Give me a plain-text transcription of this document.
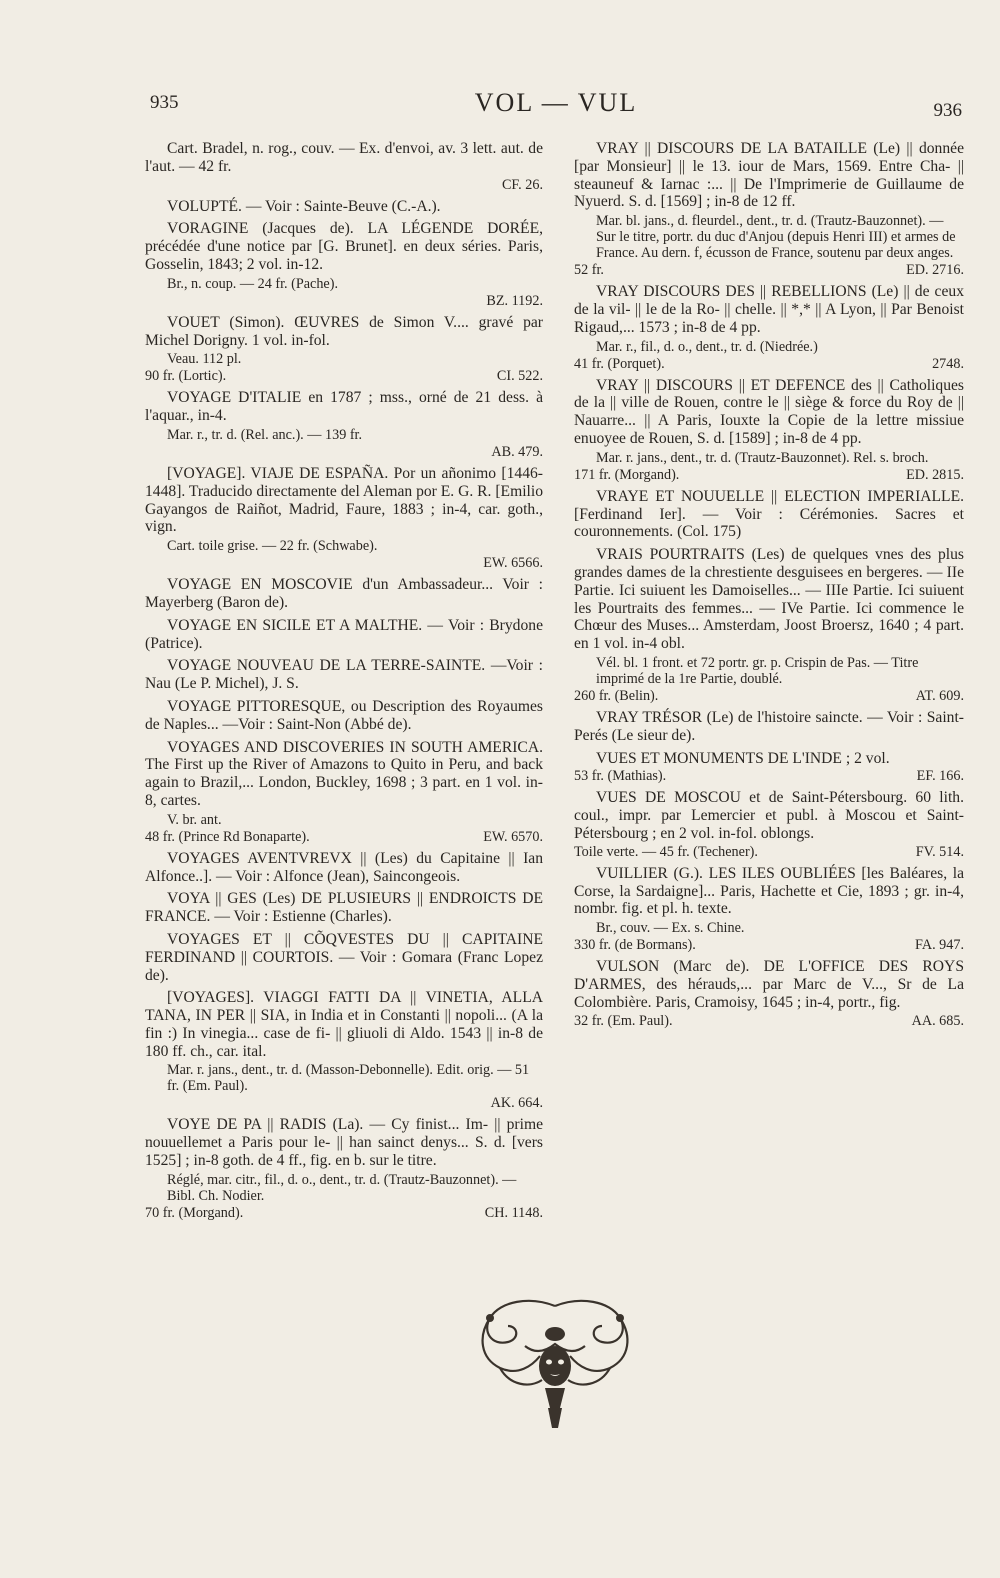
935	VOL — VUL	936
Cart. Bradel, n. rog., couv. — Ex. d'envoi, av. 3 lett. aut. de l'aut. — 42 fr.
CF. 26.
VOLUPTÉ. — Voir : Sainte-Beuve (C.-A.).
VORAGINE (Jacques de). LA LÉGENDE DORÉE, précédée d'une notice par [G. Brunet]. en deux séries. Paris, Gosselin, 1843; 2 vol. in-12.
Br., n. coup. — 24 fr. (Pache).
BZ. 1192.
VOUET (Simon). ŒUVRES de Simon V.... gravé par Michel Dorigny. 1 vol. in-fol.
Veau. 112 pl.
90 fr. (Lortic).	CI. 522.
VOYAGE D'ITALIE en 1787 ; mss., orné de 21 dess. à l'aquar., in-4.
Mar. r., tr. d. (Rel. anc.). — 139 fr.
AB. 479.
[VOYAGE]. VIAJE DE ESPAÑA. Por un añonimo [1446-1448]. Traducido directamente del Aleman por E. G. R. [Emilio Gayangos de Raiñot, Madrid, Faure, 1883 ; in-4, car. goth., vign.
Cart. toile grise. — 22 fr. (Schwabe).
EW. 6566.
VOYAGE EN MOSCOVIE d'un Ambassadeur... Voir : Mayerberg (Baron de).
VOYAGE EN SICILE ET A MALTHE. — Voir : Brydone (Patrice).
VOYAGE NOUVEAU DE LA TERRE-SAINTE. —Voir : Nau (Le P. Michel), J. S.
VOYAGE PITTORESQUE, ou Description des Royaumes de Naples... —Voir : Saint-Non (Abbé de).
VOYAGES AND DISCOVERIES IN SOUTH AMERICA. The First up the River of Amazons to Quito in Peru, and back again to Brazil,... London, Buckley, 1698 ; 3 part. en 1 vol. in-8, cartes.
V. br. ant.
48 fr. (Prince Rd Bonaparte).	EW. 6570.
VOYAGES AVENTVREVX || (Les) du Capitaine || Ian Alfonce..]. — Voir : Alfonce (Jean), Saincongeois.
VOYA || GES (Les) DE PLUSIEURS || ENDROICTS DE FRANCE. — Voir : Estienne (Charles).
VOYAGES ET || CÕQVESTES DU || CAPITAINE FERDINAND || COURTOIS. — Voir : Gomara (Franc Lopez de).
[VOYAGES]. VIAGGI FATTI DA || VINETIA, ALLA TANA, IN PER || SIA, in India et in Constanti || nopoli... (A la fin :) In vinegia... case de fi- || gliuoli di Aldo. 1543 || in-8 de 180 ff. ch., car. ital.
Mar. r. jans., dent., tr. d. (Masson-Debonnelle). Edit. orig. — 51 fr. (Em. Paul).
AK. 664.
VOYE DE PA || RADIS (La). — Cy finist... Im- || prime nouuellemet a Paris pour le- || han sainct denys... S. d. [vers 1525] ; in-8 goth. de 4 ff., fig. en b. sur le titre.
Réglé, mar. citr., fil., d. o., dent., tr. d. (Trautz-Bauzonnet). — Bibl. Ch. Nodier.
70 fr. (Morgand).	CH. 1148.
VRAY || DISCOURS DE LA BATAILLE (Le) || donnée [par Monsieur] || le 13. iour de Mars, 1569. Entre Cha- || steauneuf & Iarnac :... || De l'Imprimerie de Guillaume de Nyuerd. S. d. [1569] ; in-8 de 12 ff.
Mar. bl. jans., d. fleurdel., dent., tr. d. (Trautz-Bauzonnet). — Sur le titre, portr. du duc d'Anjou (depuis Henri III) et armes de France. Au dern. f, écusson de France, soutenu par deux anges.
52 fr.	ED. 2716.
VRAY DISCOURS DES || REBELLIONS (Le) || de ceux de la vil- || le de la Ro- || chelle. || *,* || A Lyon, || Par Benoist Rigaud,... 1573 ; in-8 de 4 pp.
Mar. r., fil., d. o., dent., tr. d. (Niedrée.)
41 fr. (Porquet).	2748.
VRAY || DISCOURS || ET DEFENCE des || Catholiques de la || ville de Rouen, contre le || siège & force du Roy de || Nauarre... || A Paris, Iouxte la Copie de la lettre missiue enuoyee de Rouen, S. d. [1589] ; in-8 de 4 pp.
Mar. r. jans., dent., tr. d. (Trautz-Bauzonnet). Rel. s. broch.
171 fr. (Morgand).	ED. 2815.
VRAYE ET NOUUELLE || ELECTION IMPERIALLE. [Ferdinand Ier]. — Voir : Cérémonies. Sacres et couronnements. (Col. 175)
VRAIS POURTRAITS (Les) de quelques vnes des plus grandes dames de la chrestiente desguisees en bergeres. — IIe Partie. Ici suiuent les Damoiselles... — IIIe Partie. Ici suiuent les Pourtraits des femmes... — IVe Partie. Ici commence le Chœur des Muses... Amsterdam, Joost Broersz, 1640 ; 4 part. en 1 vol. in-4 obl.
Vél. bl. 1 front. et 72 portr. gr. p. Crispin de Pas. — Titre imprimé de la 1re Partie, doublé.
260 fr. (Belin).	AT. 609.
VRAY TRÉSOR (Le) de l'histoire saincte. — Voir : Saint-Perés (Le sieur de).
VUES ET MONUMENTS DE L'INDE ; 2 vol.
53 fr. (Mathias).	EF. 166.
VUES DE MOSCOU et de Saint-Pétersbourg. 60 lith. coul., impr. par Lemercier et publ. à Moscou et Saint-Pétersbourg ; en 2 vol. in-fol. oblongs.
Toile verte. — 45 fr. (Techener).	FV. 514.
VUILLIER (G.). LES ILES OUBLIÉES [les Baléares, la Corse, la Sardaigne]... Paris, Hachette et Cie, 1893 ; gr. in-4, nombr. fig. et pl. h. texte.
Br., couv. — Ex. s. Chine.
330 fr. (de Bormans).	FA. 947.
VULSON (Marc de). DE L'OFFICE DES ROYS D'ARMES, des hérauds,... par Marc de V..., Sr de La Colombière. Paris, Cramoisy, 1645 ; in-4, portr., fig.
32 fr. (Em. Paul).	AA. 685.
